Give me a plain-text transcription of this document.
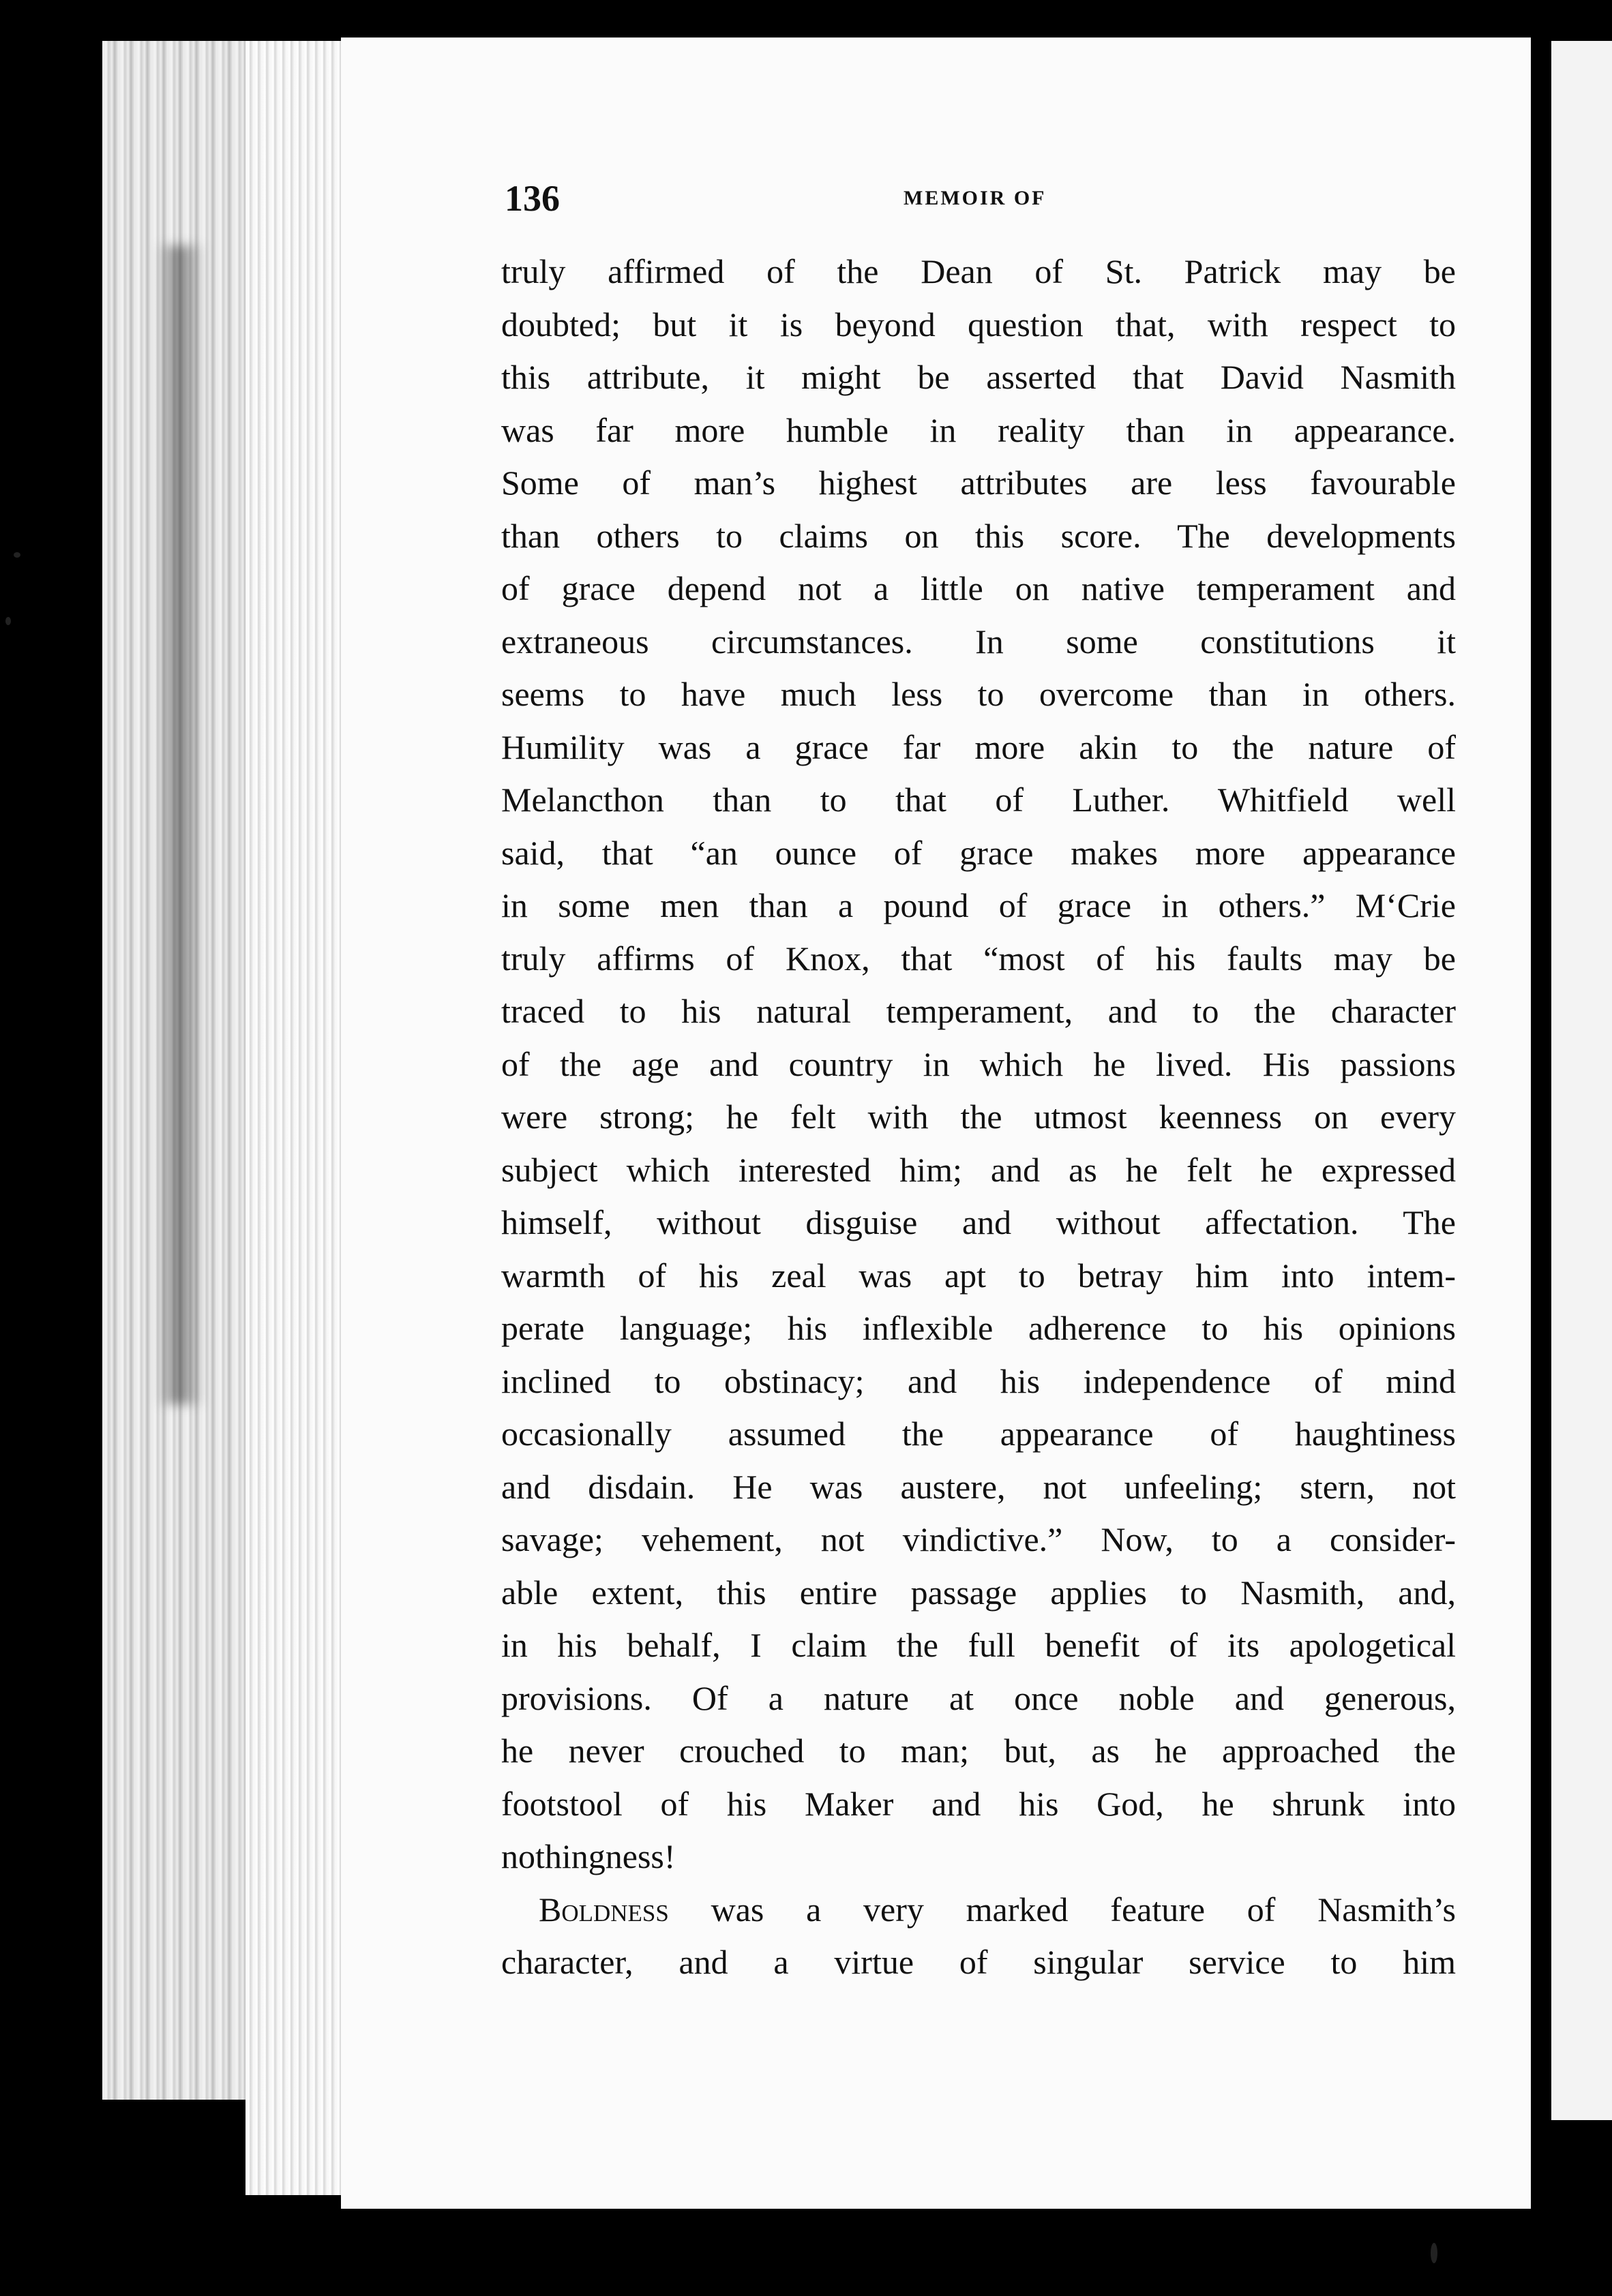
136	MEMOIR OF
truly affirmed of the Dean of St. Patrick may be
doubted; but it is beyond question that, with respect to
this attribute, it might be asserted that David Nasmith
was far more humble in reality than in appearance.
Some of man’s highest attributes are less favourable
than others to claims on this score. The developments
of grace depend not a little on native temperament and
extraneous circumstances. In some constitutions it
seems to have much less to overcome than in others.
Humility was a grace far more akin to the nature of
Melancthon than to that of Luther. Whitfield well
said, that “an ounce of grace makes more appearance
in some men than a pound of grace in others.” M‘Crie
truly affirms of Knox, that “most of his faults may be
traced to his natural temperament, and to the character
of the age and country in which he lived. His passions
were strong; he felt with the utmost keenness on every
subject which interested him; and as he felt he expressed
himself, without disguise and without affectation. The
warmth of his zeal was apt to betray him into intem-
perate language; his inflexible adherence to his opinions
inclined to obstinacy; and his independence of mind
occasionally assumed the appearance of haughtiness
and disdain. He was austere, not unfeeling; stern, not
savage; vehement, not vindictive.” Now, to a consider-
able extent, this entire passage applies to Nasmith, and,
in his behalf, I claim the full benefit of its apologetical
provisions. Of a nature at once noble and generous,
he never crouched to man; but, as he approached the
footstool of his Maker and his God, he shrunk into
nothingness!
Boldness was a very marked feature of Nasmith’s
character, and a virtue of singular service to him
